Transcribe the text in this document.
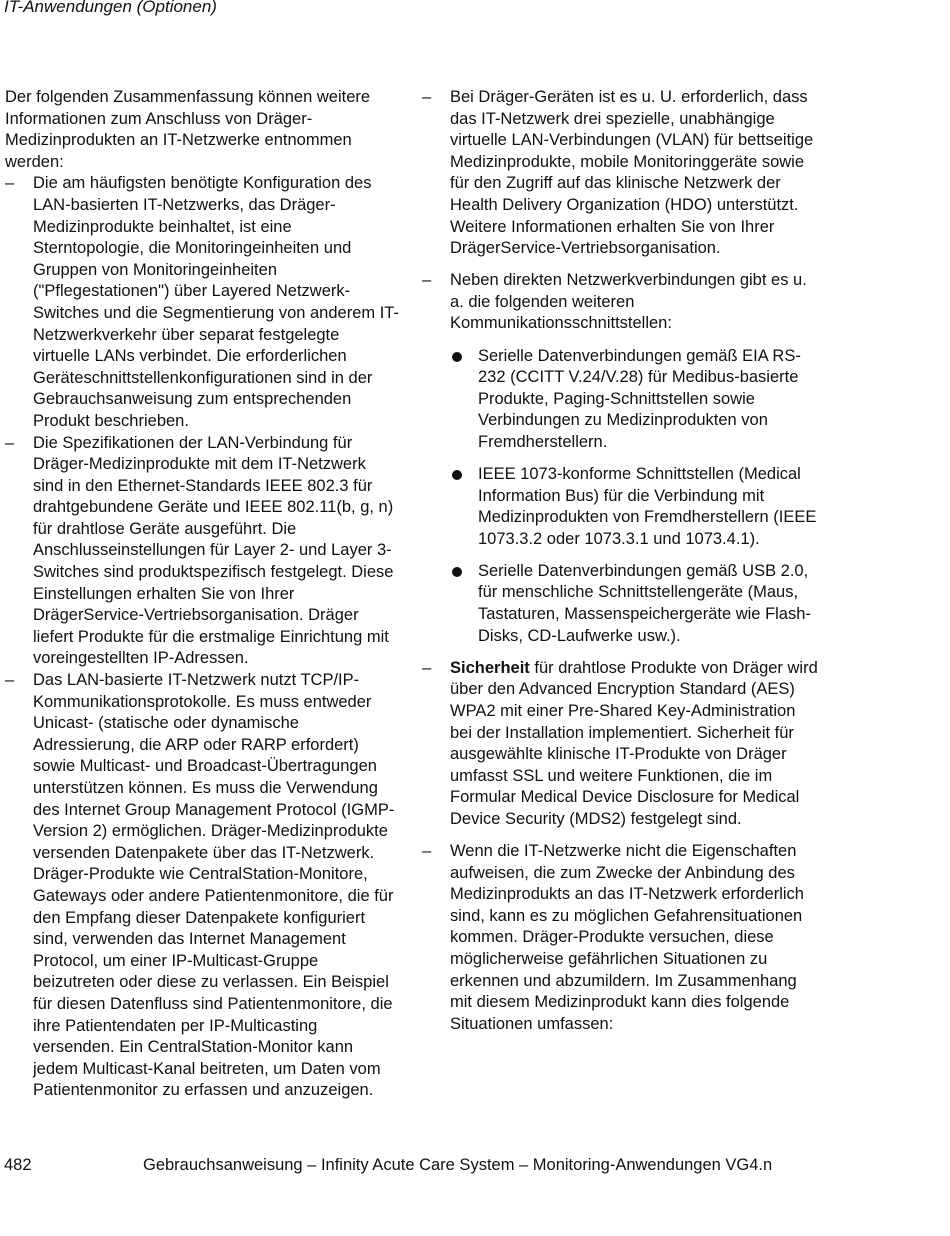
IT-Anwendungen (Optionen)

Der folgenden Zusammenfassung können weitere Informationen zum Anschluss von Dräger-Medizinprodukten an IT-Netzwerke entnommen werden:

– Die am häufigsten benötigte Konfiguration des LAN-basierten IT-Netzwerks, das Dräger-Medizinprodukte beinhaltet, ist eine Sterntopologie, die Monitoringeinheiten und Gruppen von Monitoringeinheiten ("Pflegestationen") über Layered Netzwerk-Switches und die Segmentierung von anderem IT-Netzwerkverkehr über separat festgelegte virtuelle LANs verbindet. Die erforderlichen Geräteschnittstellenkonfigurationen sind in der Gebrauchsanweisung zum entsprechenden Produkt beschrieben.

– Die Spezifikationen der LAN-Verbindung für Dräger-Medizinprodukte mit dem IT-Netzwerk sind in den Ethernet-Standards IEEE 802.3 für drahtgebundene Geräte und IEEE 802.11(b, g, n) für drahtlose Geräte ausgeführt. Die Anschlusseinstellungen für Layer 2- und Layer 3-Switches sind produktspezifisch festgelegt. Diese Einstellungen erhalten Sie von Ihrer DrägerService-Vertriebsorganisation. Dräger liefert Produkte für die erstmalige Einrichtung mit voreingestellten IP-Adressen.

– Das LAN-basierte IT-Netzwerk nutzt TCP/IP-Kommunikationsprotokolle. Es muss entweder Unicast- (statische oder dynamische Adressierung, die ARP oder RARP erfordert) sowie Multicast- und Broadcast-Übertragungen unterstützen können. Es muss die Verwendung des Internet Group Management Protocol (IGMP-Version 2) ermöglichen. Dräger-Medizinprodukte versenden Datenpakete über das IT-Netzwerk. Dräger-Produkte wie CentralStation-Monitore, Gateways oder andere Patientenmonitore, die für den Empfang dieser Datenpakete konfiguriert sind, verwenden das Internet Management Protocol, um einer IP-Multicast-Gruppe beizutreten oder diese zu verlassen. Ein Beispiel für diesen Datenfluss sind Patientenmonitore, die ihre Patientendaten per IP-Multicasting versenden. Ein CentralStation-Monitor kann jedem Multicast-Kanal beitreten, um Daten vom Patientenmonitor zu erfassen und anzuzeigen.

– Bei Dräger-Geräten ist es u. U. erforderlich, dass das IT-Netzwerk drei spezielle, unabhängige virtuelle LAN-Verbindungen (VLAN) für bettseitige Medizinprodukte, mobile Monitoringgeräte sowie für den Zugriff auf das klinische Netzwerk der Health Delivery Organization (HDO) unterstützt. Weitere Informationen erhalten Sie von Ihrer DrägerService-Vertriebsorganisation.

– Neben direkten Netzwerkverbindungen gibt es u. a. die folgenden weiteren Kommunikationsschnittstellen:

Serielle Datenverbindungen gemäß EIA RS-232 (CCITT V.24/V.28) für Medibus-basierte Produkte, Paging-Schnittstellen sowie Verbindungen zu Medizinprodukten von Fremdherstellern.

IEEE 1073-konforme Schnittstellen (Medical Information Bus) für die Verbindung mit Medizinprodukten von Fremdherstellern (IEEE 1073.3.2 oder 1073.3.1 und 1073.4.1).

Serielle Datenverbindungen gemäß USB 2.0, für menschliche Schnittstellengeräte (Maus, Tastaturen, Massenspeichergeräte wie Flash-Disks, CD-Laufwerke usw.).

– Sicherheit für drahtlose Produkte von Dräger wird über den Advanced Encryption Standard (AES) WPA2 mit einer Pre-Shared Key-Administration bei der Installation implementiert. Sicherheit für ausgewählte klinische IT-Produkte von Dräger umfasst SSL und weitere Funktionen, die im Formular Medical Device Disclosure for Medical Device Security (MDS2) festgelegt sind.

– Wenn die IT-Netzwerke nicht die Eigenschaften aufweisen, die zum Zwecke der Anbindung des Medizinprodukts an das IT-Netzwerk erforderlich sind, kann es zu möglichen Gefahrensituationen kommen. Dräger-Produkte versuchen, diese möglicherweise gefährlichen Situationen zu erkennen und abzumildern. Im Zusammenhang mit diesem Medizinprodukt kann dies folgende Situationen umfassen:

482	Gebrauchsanweisung – Infinity Acute Care System – Monitoring-Anwendungen VG4.n
